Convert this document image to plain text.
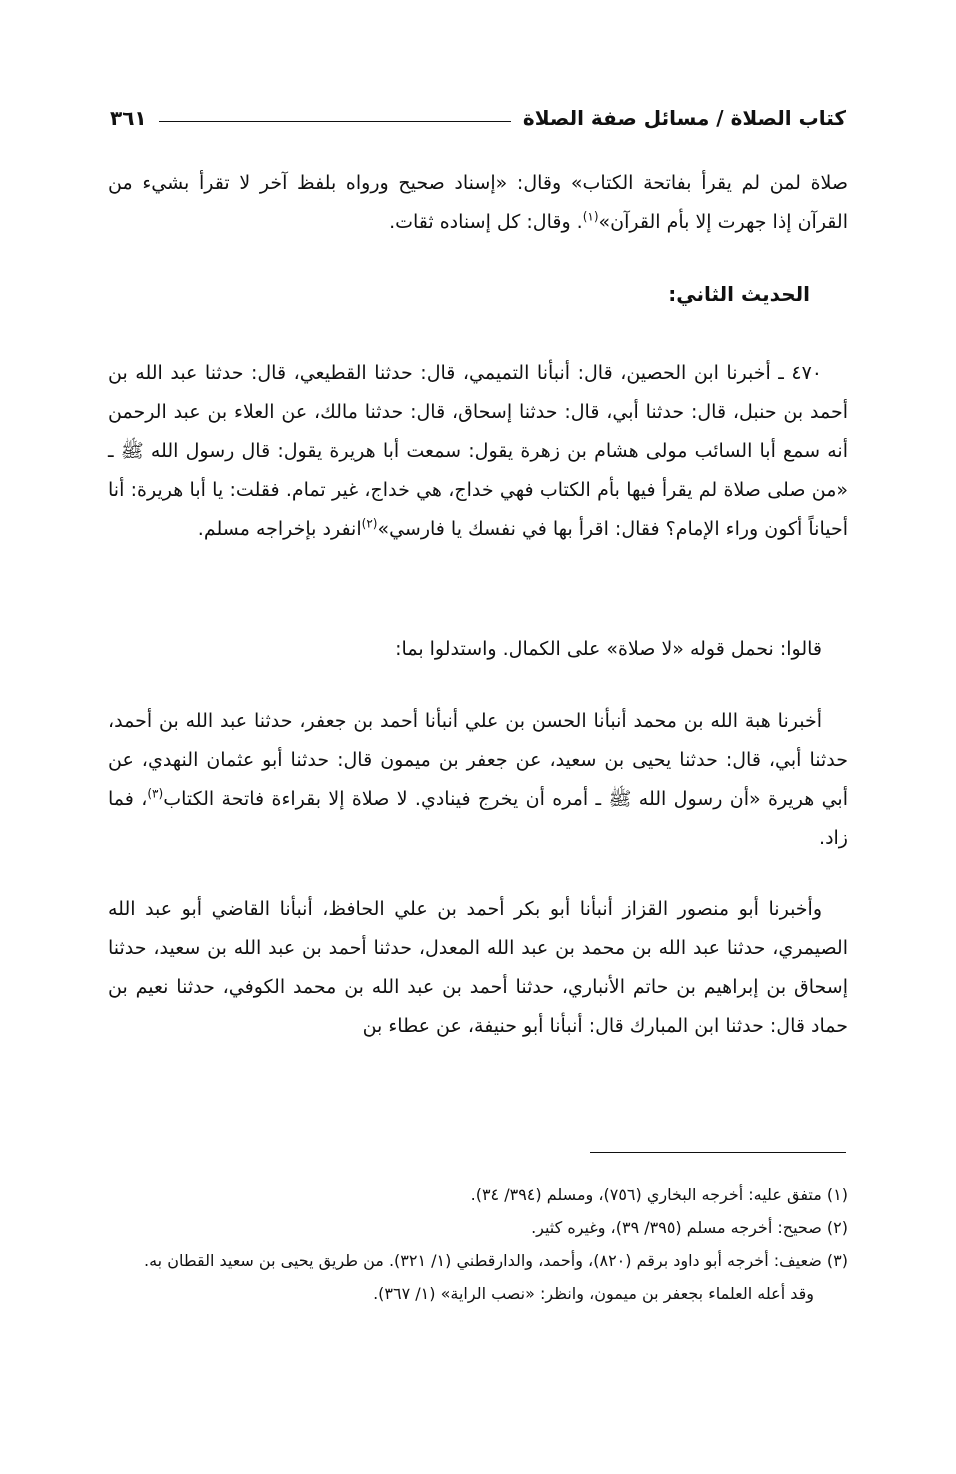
كتاب الصلاة / مسائل صفة الصلاة
٣٦١
صلاة لمن لم يقرأ بفاتحة الكتاب» وقال: «إسناد صحيح ورواه بلفظ آخر لا تقرأ بشيء من القرآن إذا جهرت إلا بأم القرآن»$^{(١)}$. وقال: كل إسناده ثقات.
الحديث الثاني:
٤٧٠ ـ أخبرنا ابن الحصين، قال: أنبأنا التميمي، قال: حدثنا القطيعي، قال: حدثنا عبد الله بن أحمد بن حنبل، قال: حدثنا أبي، قال: حدثنا إسحاق، قال: حدثنا مالك، عن العلاء بن عبد الرحمن أنه سمع أبا السائب مولى هشام بن زهرة يقول: سمعت أبا هريرة يقول: قال رسول الله ﷺ ـ «من صلى صلاة لم يقرأ فيها بأم الكتاب فهي خداج، هي خداج، غير تمام. فقلت: يا أبا هريرة: أنا أحياناً أكون وراء الإمام؟ فقال: اقرأ بها في نفسك يا فارسي»$^{(٢)}$انفرد بإخراجه مسلم.
قالوا: نحمل قوله «لا صلاة» على الكمال. واستدلوا بما:
أخبرنا هبة الله بن محمد أنبأنا الحسن بن علي أنبأنا أحمد بن جعفر، حدثنا عبد الله بن أحمد، حدثنا أبي، قال: حدثنا يحيى بن سعيد، عن جعفر بن ميمون قال: حدثنا أبو عثمان النهدي، عن أبي هريرة «أن رسول الله ﷺ ـ أمره أن يخرج فينادي. لا صلاة إلا بقراءة فاتحة الكتاب$^{(٣)}$، فما زاد.
وأخبرنا أبو منصور القزاز أنبأنا أبو بكر أحمد بن علي الحافظ، أنبأنا القاضي أبو عبد الله الصيمري، حدثنا عبد الله بن محمد بن عبد الله المعدل، حدثنا أحمد بن عبد الله بن سعيد، حدثنا إسحاق بن إبراهيم بن حاتم الأنباري، حدثنا أحمد بن عبد الله بن محمد الكوفي، حدثنا نعيم بن حماد قال: حدثنا ابن المبارك قال: أنبأنا أبو حنيفة، عن عطاء بن
(١) متفق عليه: أخرجه البخاري (٧٥٦)، ومسلم (٣٩٤/ ٣٤).
(٢) صحيح: أخرجه مسلم (٣٩٥/ ٣٩)، وغيره كثير.
(٣) ضعيف: أخرجه أبو داود برقم (٨٢٠)، وأحمد، والدارقطني (١/ ٣٢١). من طريق يحيى بن سعيد القطان به.
وقد أعله العلماء بجعفر بن ميمون، وانظر: «نصب الراية» (١/ ٣٦٧).
